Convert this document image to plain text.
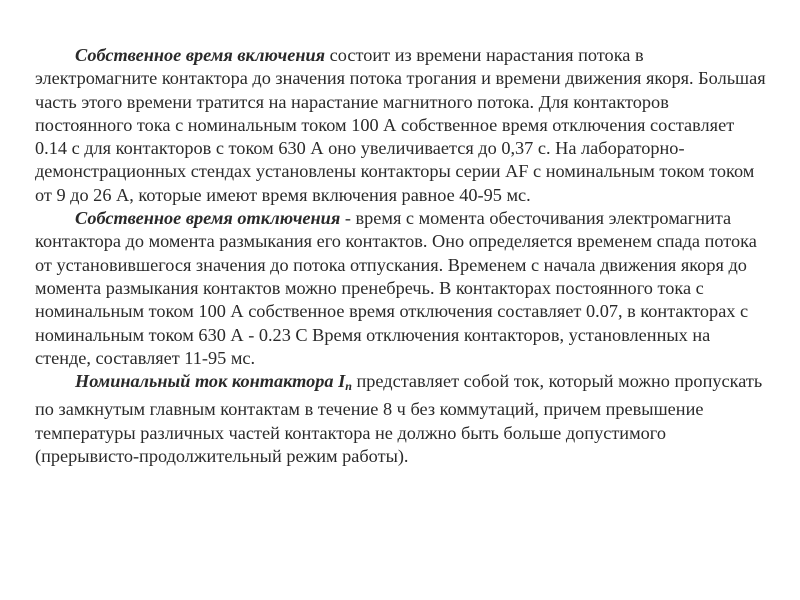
Собственное время включения состоит из времени нарастания потока в электромагните контактора до значения потока трогания и времени движения якоря. Большая часть этого времени тратится на нарастание магнитного потока. Для контакторов постоянного тока с номинальным током 100 А собственное время отключения составляет 0.14 с для контакторов с током 630 А оно увеличивается до 0,37 с. На лабораторно-демонстрационных стендах установлены контакторы серии AF с номинальным током током от 9 до 26 А, которые имеют время включения равное 40-95 мс.

Собственное время отключения - время с момента обесточивания электромагнита контактора до момента размыкания его контактов. Оно определяется временем спада потока от установившегося значения до потока отпускания. Временем с начала движения якоря до момента размыкания контактов можно пренебречь. В контакторах постоянного тока с номинальным током 100 А собственное время отключения составляет 0.07, в контакторах с номинальным током 630 А - 0.23 С Время отключения контакторов, установленных на стенде, составляет 11-95 мс.

Номинальный ток контактора $I_n$ представляет собой ток, который можно пропускать по замкнутым главным контактам в течение 8 ч без коммутаций, причем превышение температуры различных частей контактора не должно быть больше допустимого (прерывисто-продолжительный режим работы).
